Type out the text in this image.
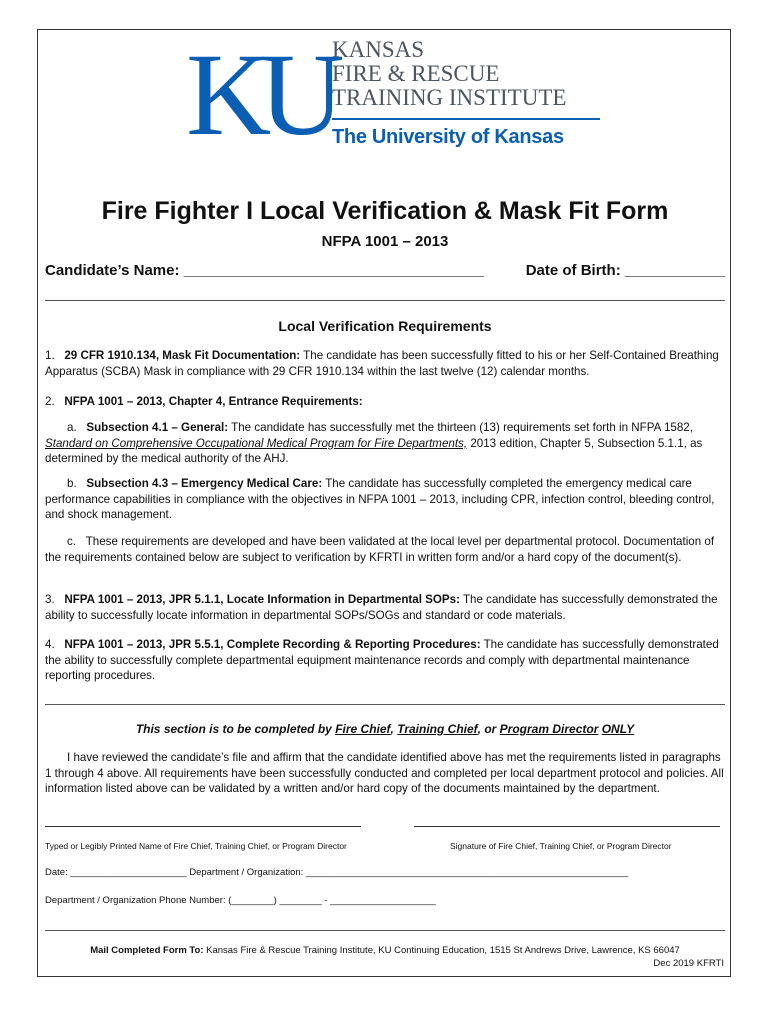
KU KANSAS
FIRE & RESCUE
TRAINING INSTITUTE
The University of Kansas
Fire Fighter I Local Verification & Mask Fit Form
NFPA 1001 – 2013
Candidate’s Name: ____________________________________	Date of Birth: ____________
Local Verification Requirements
1.   29 CFR 1910.134, Mask Fit Documentation: The candidate has been successfully fitted to his or her Self-Contained Breathing Apparatus (SCBA) Mask in compliance with 29 CFR 1910.134 within the last twelve (12) calendar months.
2.   NFPA 1001 – 2013, Chapter 4, Entrance Requirements:
a.   Subsection 4.1 – General: The candidate has successfully met the thirteen (13) requirements set forth in NFPA 1582, Standard on Comprehensive Occupational Medical Program for Fire Departments, 2013 edition, Chapter 5, Subsection 5.1.1, as determined by the medical authority of the AHJ.
b.   Subsection 4.3 – Emergency Medical Care: The candidate has successfully completed the emergency medical care performance capabilities in compliance with the objectives in NFPA 1001 – 2013, including CPR, infection control, bleeding control, and shock management.
c.   These requirements are developed and have been validated at the local level per departmental protocol. Documentation of the requirements contained below are subject to verification by KFRTI in written form and/or a hard copy of the document(s).
3.   NFPA 1001 – 2013, JPR 5.1.1, Locate Information in Departmental SOPs: The candidate has successfully demonstrated the ability to successfully locate information in departmental SOPs/SOGs and standard or code materials.
4.   NFPA 1001 – 2013, JPR 5.5.1, Complete Recording & Reporting Procedures: The candidate has successfully demonstrated the ability to successfully complete departmental equipment maintenance records and comply with departmental maintenance reporting procedures.
This section is to be completed by Fire Chief, Training Chief, or Program Director ONLY
I have reviewed the candidate’s file and affirm that the candidate identified above has met the requirements listed in paragraphs 1 through 4 above. All requirements have been successfully conducted and completed per local department protocol and policies. All information listed above can be validated by a written and/or hard copy of the documents maintained by the department.
Typed or Legibly Printed Name of Fire Chief, Training Chief, or Program Director	Signature of Fire Chief, Training Chief, or Program Director
Date: ______________________ Department / Organization: _____________________________________________________________
Department / Organization Phone Number: (________) ________ - ____________________
Mail Completed Form To: Kansas Fire & Rescue Training Institute, KU Continuing Education, 1515 St Andrews Drive, Lawrence, KS 66047
Dec 2019 KFRTI
